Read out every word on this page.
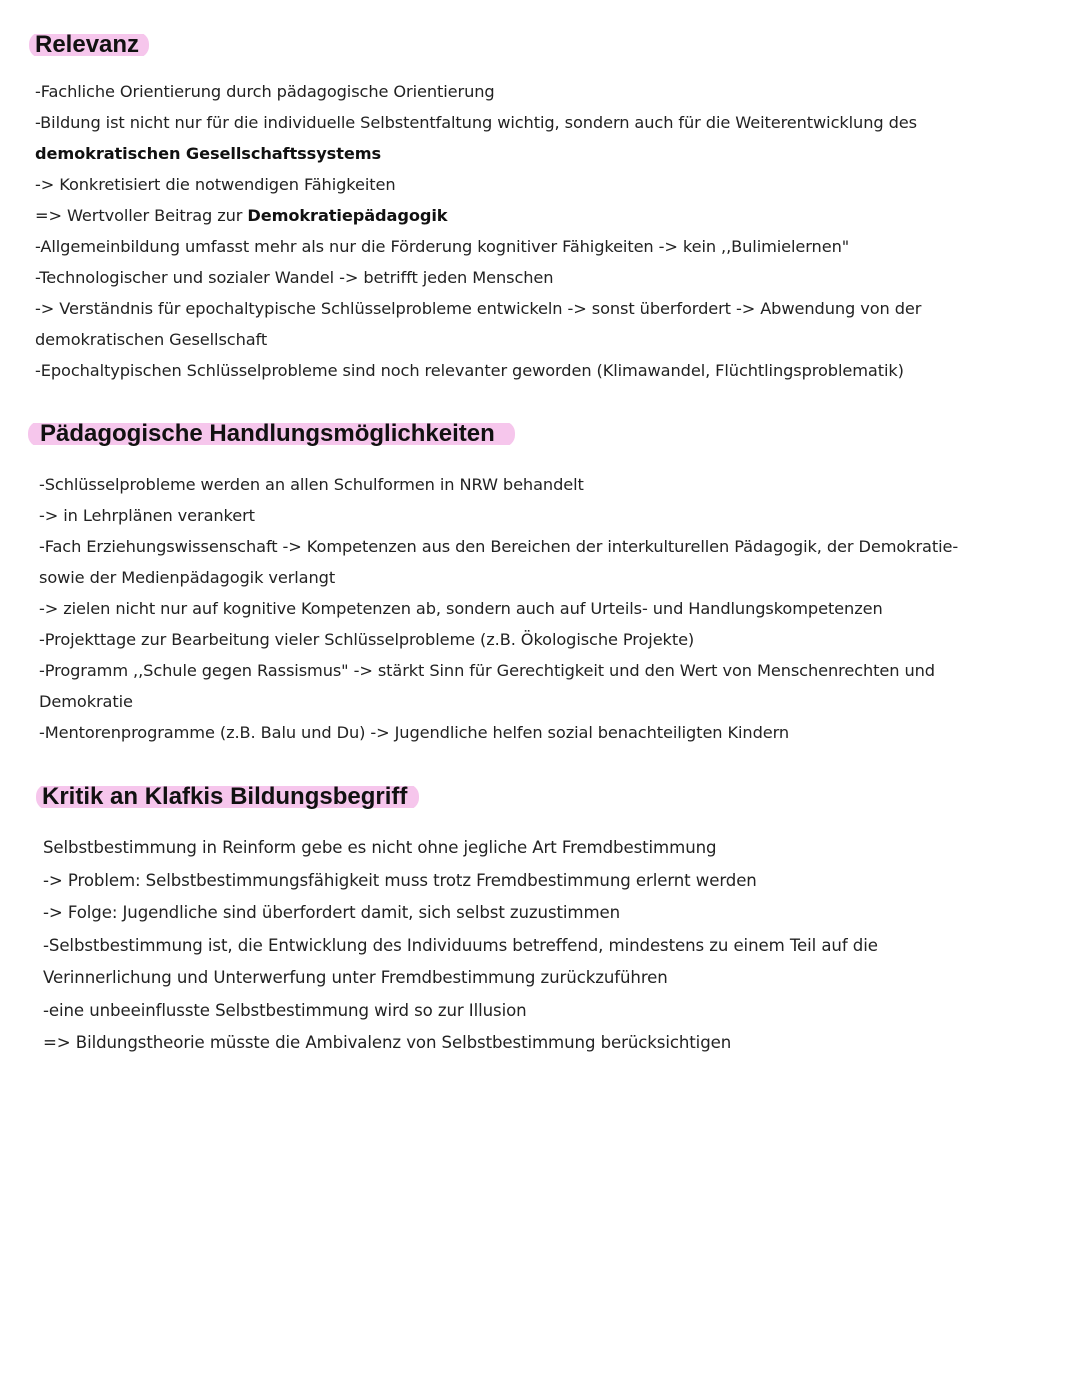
Relevanz
-Fachliche Orientierung durch pädagogische Orientierung
-Bildung ist nicht nur für die individuelle Selbstentfaltung wichtig, sondern auch für die Weiterentwicklung des
demokratischen Gesellschaftssystems
-> Konkretisiert die notwendigen Fähigkeiten
=> Wertvoller Beitrag zur Demokratiepädagogik
-Allgemeinbildung umfasst mehr als nur die Förderung kognitiver Fähigkeiten -> kein ,,Bulimielernen"
-Technologischer und sozialer Wandel -> betrifft jeden Menschen
-> Verständnis für epochaltypische Schlüsselprobleme entwickeln -> sonst überfordert -> Abwendung von der
demokratischen Gesellschaft
-Epochaltypischen Schlüsselprobleme sind noch relevanter geworden (Klimawandel, Flüchtlingsproblematik)
Pädagogische Handlungsmöglichkeiten
-Schlüsselprobleme werden an allen Schulformen in NRW behandelt
-> in Lehrplänen verankert
-Fach Erziehungswissenschaft -> Kompetenzen aus den Bereichen der interkulturellen Pädagogik, der Demokratie-
sowie der Medienpädagogik verlangt
-> zielen nicht nur auf kognitive Kompetenzen ab, sondern auch auf Urteils- und Handlungskompetenzen
-Projekttage zur Bearbeitung vieler Schlüsselprobleme (z.B. Ökologische Projekte)
-Programm ,,Schule gegen Rassismus" -> stärkt Sinn für Gerechtigkeit und den Wert von Menschenrechten und
Demokratie
-Mentorenprogramme (z.B. Balu und Du) -> Jugendliche helfen sozial benachteiligten Kindern
Kritik an Klafkis Bildungsbegriff
Selbstbestimmung in Reinform gebe es nicht ohne jegliche Art Fremdbestimmung
-> Problem: Selbstbestimmungsfähigkeit muss trotz Fremdbestimmung erlernt werden
-> Folge: Jugendliche sind überfordert damit, sich selbst zuzustimmen
-Selbstbestimmung ist, die Entwicklung des Individuums betreffend, mindestens zu einem Teil auf die
Verinnerlichung und Unterwerfung unter Fremdbestimmung zurückzuführen
-eine unbeeinflusste Selbstbestimmung wird so zur Illusion
=> Bildungstheorie müsste die Ambivalenz von Selbstbestimmung berücksichtigen
